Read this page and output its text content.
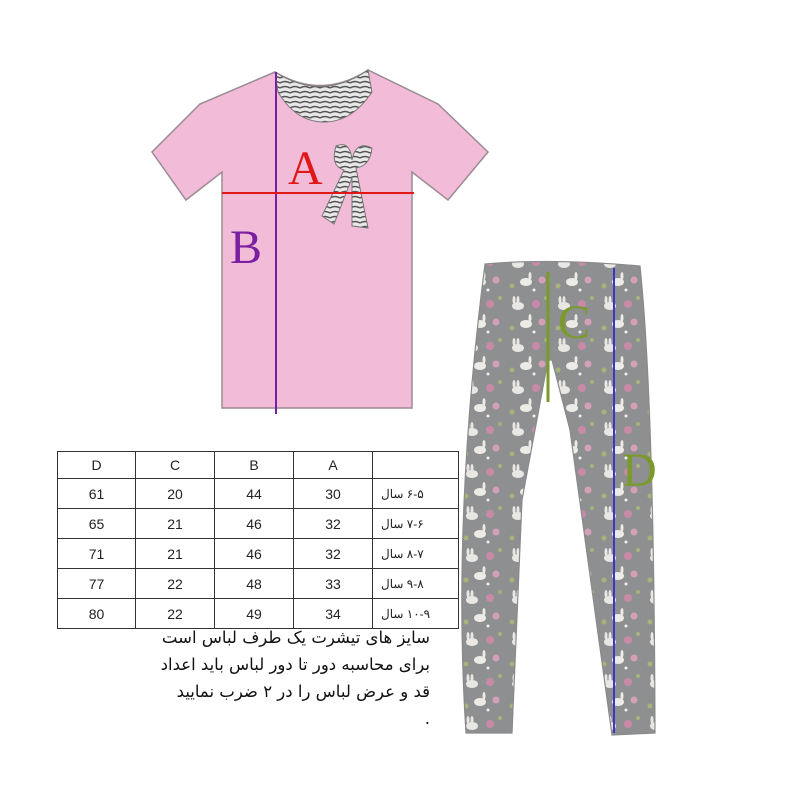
A
B
C
D
D	C	B	A	
61	20	44	30	۶-۵ سال
65	21	46	32	۷-۶ سال
71	21	46	32	۸-۷ سال
77	22	48	33	۹-۸ سال
80	22	49	34	۱۰-۹ سال
سایز های تیشرت یک طرف لباس است
برای محاسبه دور تا دور لباس باید اعداد
قد و عرض لباس را در ۲ ضرب نمایید
.
